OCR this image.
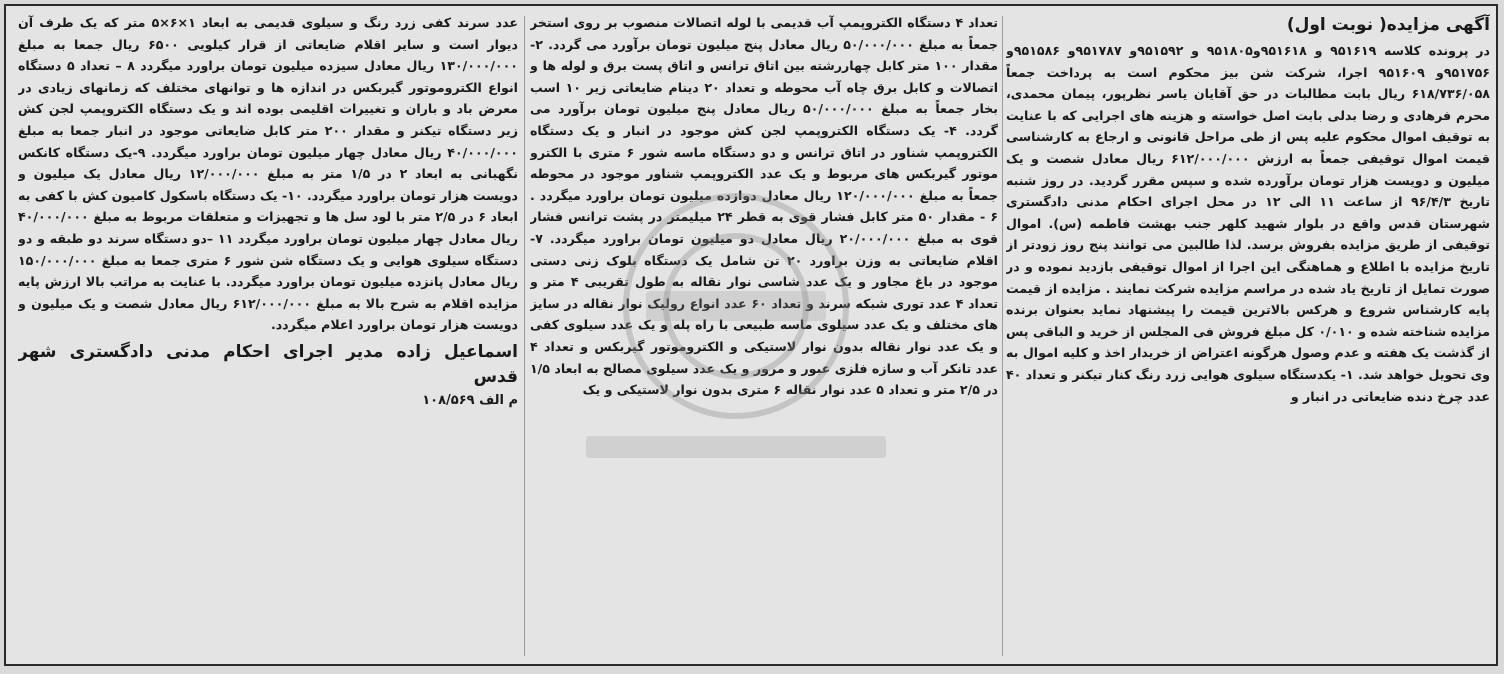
آگهی مزایده( نوبت اول)
در پرونده کلاسه ۹۵۱۶۱۹ و ۹۵۱۶۱۸و۹۵۱۸۰۵ و ۹۵۱۵۹۲و ۹۵۱۷۸۷و ۹۵۱۵۸۶و ۹۵۱۷۵۶و ۹۵۱۶۰۹ اجرا، شرکت شن بیز محکوم است به پرداخت جمعاً ۶۱۸/۷۳۶/۰۵۸ ریال بابت مطالبات در حق آقایان یاسر نظرپور، پیمان محمدی، محرم فرهادی و رضا بدلی بابت اصل خواسته و هزینه های اجرایی که با عنایت به توقیف اموال محکوم علیه پس از طی مراحل قانونی و ارجاع به کارشناسی قیمت اموال توقیفی جمعاً به ارزش ۶۱۲/۰۰۰/۰۰۰ ریال معادل شصت و یک میلیون و دویست هزار تومان برآورده شده و سپس مقرر گردید. در روز شنبه تاریخ ۹۶/۴/۳ از ساعت ۱۱ الی ۱۲ در محل اجرای احکام مدنی دادگستری شهرستان قدس واقع در بلوار شهید کلهر جنب بهشت فاطمه (س). اموال توقیفی از طریق مزایده بفروش برسد. لذا طالبین می توانند پنج روز زودتر از تاریخ مزایده با اطلاع و هماهنگی این اجرا از اموال توقیفی بازدید نموده و در صورت تمایل از تاریخ یاد شده در مراسم مزایده شرکت نمایند . مزایده از قیمت پایه کارشناس شروع و هرکس بالاترین قیمت را پیشنهاد نماید بعنوان برنده مزایده شناخته شده و ۰/۰۱۰ کل مبلغ فروش فی المجلس از خرید و الباقی پس از گذشت یک هفته و عدم وصول هرگونه اعتراض از خریدار اخذ و کلیه اموال به وی تحویل خواهد شد. ۱- یکدستگاه سیلوی هوایی زرد رنگ کنار تیکنر و تعداد ۴۰ عدد چرخ دنده ضایعاتی در انبار و
تعداد ۴ دستگاه الکتروپمپ آب قدیمی با لوله اتصالات منصوب بر روی استخر جمعاً به مبلغ ۵۰/۰۰۰/۰۰۰ ریال معادل پنج میلیون تومان برآورد می گردد. ۲- مقدار ۱۰۰ متر کابل چهاررشته بین اتاق ترانس و اتاق پست برق و لوله ها و اتصالات و کابل برق چاه آب محوطه و تعداد ۲۰ دینام ضایعاتی زیر ۱۰ اسب بخار جمعاً به مبلغ ۵۰/۰۰۰/۰۰۰ ریال معادل پنج میلیون تومان برآورد می گردد. ۴- یک دستگاه الکتروپمپ لجن کش موجود در انبار و یک دستگاه الکتروپمپ شناور در اتاق ترانس و دو دستگاه ماسه شور ۶ متری با الکترو موتور گیربکس های مربوط و یک عدد الکتروپمپ شناور موجود در محوطه جمعاً به مبلغ ۱۲۰/۰۰۰/۰۰۰ ریال معادل دوازده میلیون تومان براورد میگردد . ۶ - مقدار ۵۰ متر کابل فشار قوی به قطر ۲۴ میلیمتر در پشت ترانس فشار قوی به مبلغ ۲۰/۰۰۰/۰۰۰ ریال معادل دو میلیون تومان براورد میگردد. ۷- اقلام ضایعاتی به وزن براورد ۲۰ تن شامل یک دستگاه بلوک زنی دستی موجود در باغ مجاور و یک عدد شاسی نوار نقاله به طول تقریبی ۴ متر و تعداد ۴ عدد توری شبکه سرند و تعداد ۶۰ عدد انواع رولیک نوار نقاله در سایز های مختلف و یک عدد سیلوی ماسه طبیعی با راه پله و یک عدد سیلوی کفی و یک عدد نوار نقاله بدون نوار لاستیکی و الکتروموتور گیربکس و تعداد ۴ عدد تانکر آب و سازه فلزی عبور و مرور و یک عدد سیلوی مصالح به ابعاد ۱/۵ در ۲/۵ متر و تعداد ۵ عدد نوار نقاله ۶ متری بدون نوار لاستیکی و یک
عدد سرند کفی زرد رنگ و سیلوی قدیمی به ابعاد ۱×۶×۵ متر که یک طرف آن دیوار است و سایر اقلام ضایعاتی از قرار کیلویی ۶۵۰۰ ریال جمعا به مبلغ ۱۳۰/۰۰۰/۰۰۰ ریال معادل سیزده میلیون تومان براورد میگردد ۸ – تعداد ۵ دستگاه انواع الکتروموتور گیربکس در اندازه ها و توانهای مختلف که زمانهای زیادی در معرض باد و باران و تغییرات اقلیمی بوده اند و یک دستگاه الکتروپمپ لجن کش زیر دستگاه تیکنر و مقدار ۲۰۰ متر کابل ضایعاتی موجود در انبار جمعا به مبلغ ۴۰/۰۰۰/۰۰۰ ریال معادل چهار میلیون تومان براورد میگردد. ۹-یک دستگاه کانکس نگهبانی به ابعاد ۲ در ۱/۵ متر به مبلغ ۱۲/۰۰۰/۰۰۰ ریال معادل یک میلیون و دویست هزار تومان براورد میگردد. ۱۰- یک دستگاه باسکول کامیون کش با کفی به ابعاد ۶ در ۲/۵ متر با لود سل ها و تجهیزات و متعلقات مربوط به مبلغ ۴۰/۰۰۰/۰۰۰ ریال معادل چهار میلیون تومان براورد میگردد ۱۱ –دو دستگاه سرند دو طبقه و دو دستگاه سیلوی هوایی و یک دستگاه شن شور ۶ متری جمعا به مبلغ ۱۵۰/۰۰۰/۰۰۰ ریال معادل پانزده میلیون تومان براورد میگردد. با عنایت به مراتب بالا ارزش پایه مزایده اقلام به شرح بالا به مبلغ ۶۱۲/۰۰۰/۰۰۰ ریال معادل شصت و یک میلیون و دویست هزار تومان براورد اعلام میگردد.
اسماعیل زاده مدیر اجرای احکام مدنی دادگستری شهر قدس
م الف ۱۰۸/۵۶۹
